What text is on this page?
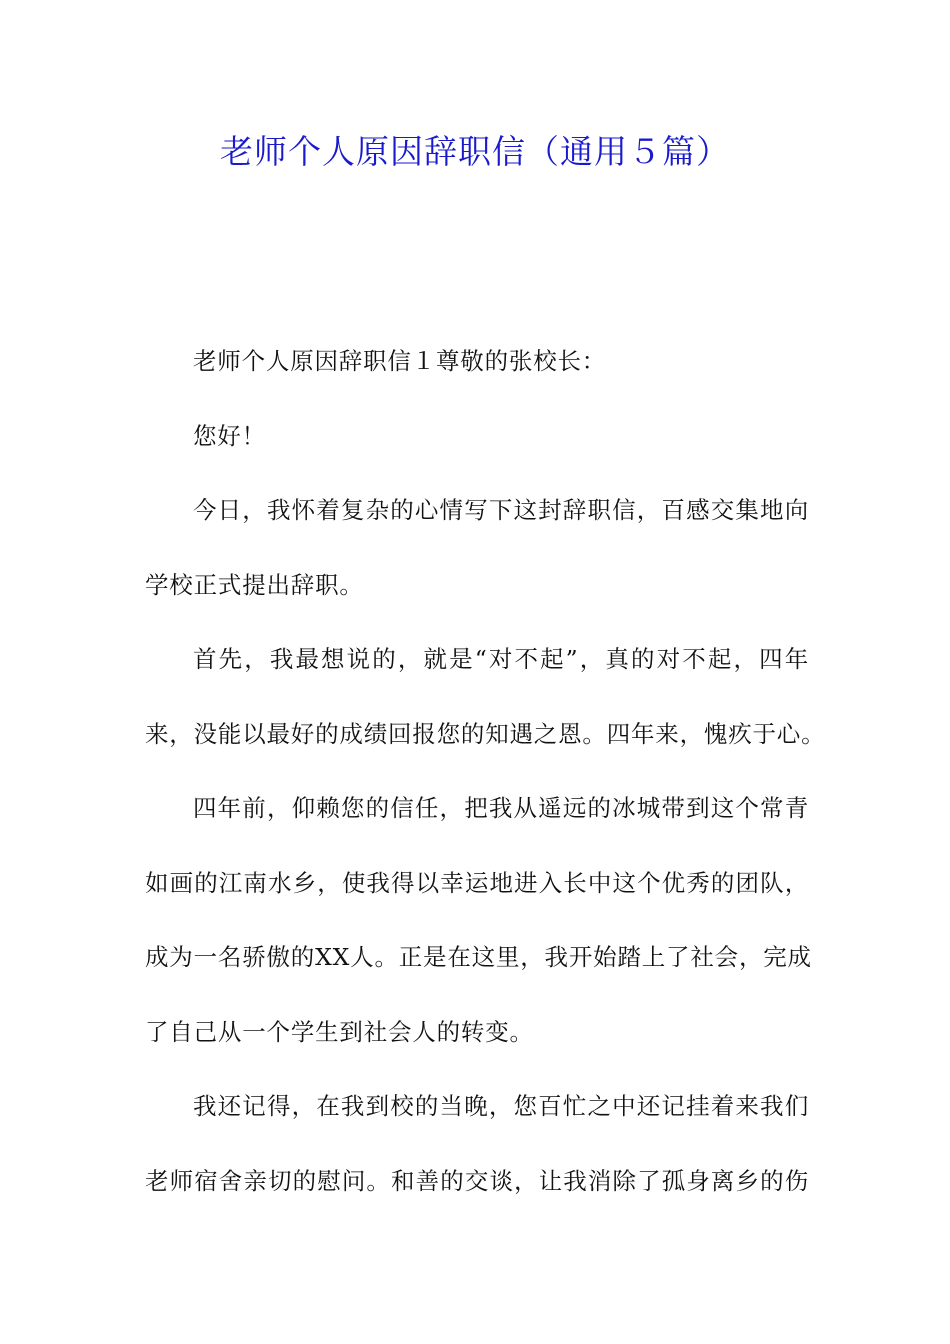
老师个人原因辞职信（通用５篇）
老师个人原因辞职信１尊敬的张校长：
您好！
今日，我怀着复杂的心情写下这封辞职信，百感交集地向
学校正式提出辞职。
首先，我最想说的，就是“对不起”，真的对不起，四年
来，没能以最好的成绩回报您的知遇之恩。四年来，愧疚于心。
四年前，仰赖您的信任，把我从遥远的冰城带到这个常青
如画的江南水乡，使我得以幸运地进入长中这个优秀的团队，
成为一名骄傲的XX人。正是在这里，我开始踏上了社会，完成
了自己从一个学生到社会人的转变。
我还记得，在我到校的当晚，您百忙之中还记挂着来我们
老师宿舍亲切的慰问。和善的交谈，让我消除了孤身离乡的伤
